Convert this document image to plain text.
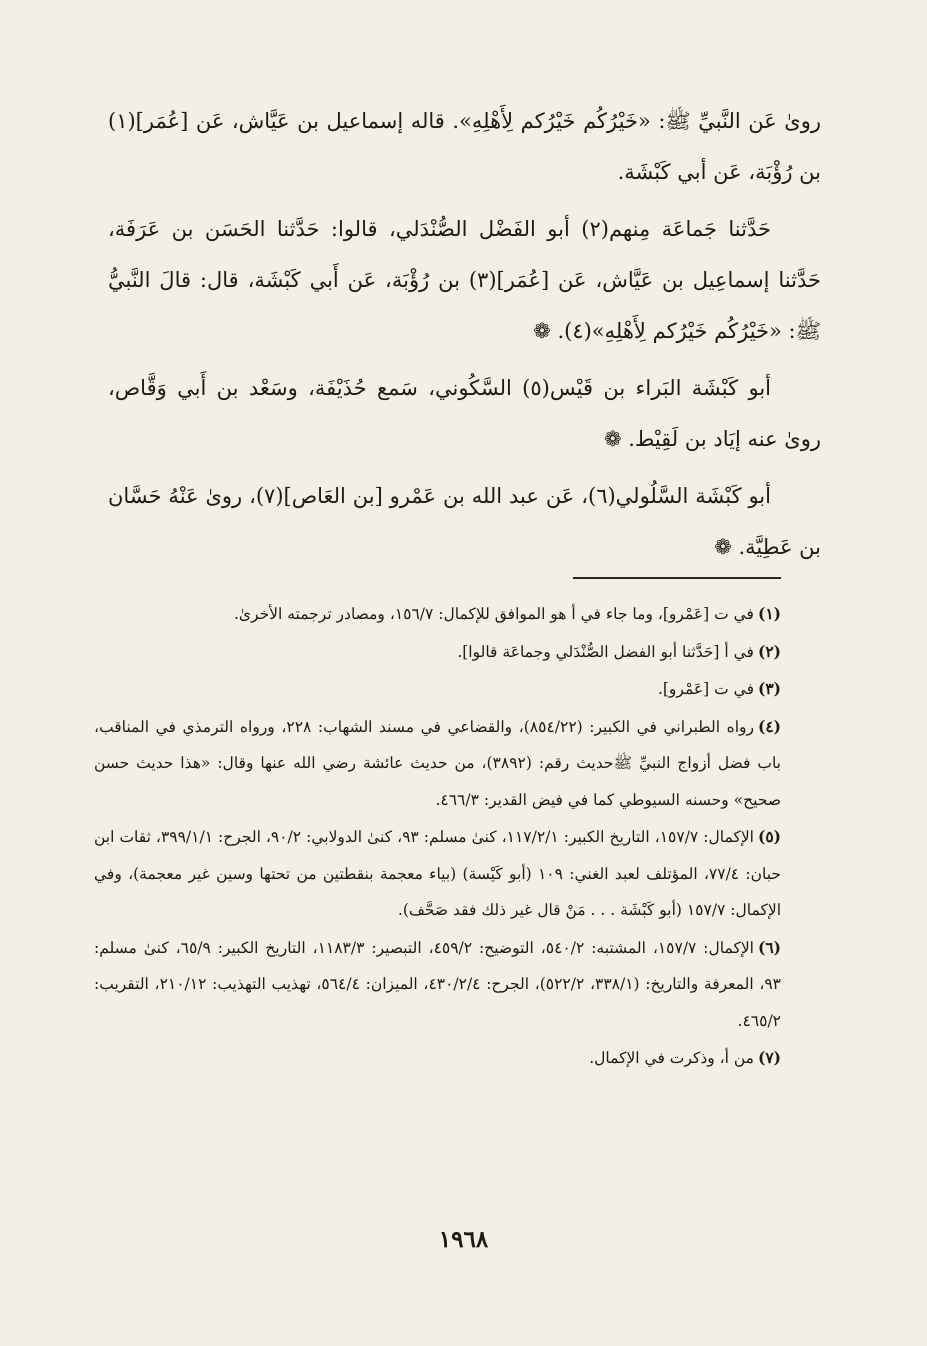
رویٰ عَن النَّبيِّ ﷺ: «خَيْرُكُم خَيْرُكم لِأَهْلِهِ». قاله إسماعيل بن عَيَّاش، عَن [عُمَر](١) بن رُؤْبَة، عَن أبي كَبْشَة.

حَدَّثنا جَماعَة مِنهم(٢) أبو الفَضْل الصُّنْدَلي، قالوا: حَدَّثنا الحَسَن بن عَرَفَة، حَدَّثنا إسماعِيل بن عَيَّاش، عَن [عُمَر](٣) بن رُؤْبَة، عَن أَبي كَبْشَة، قال: قالَ النَّبيُّ ﷺ: «خَيْرُكُم خَيْرُكم لِأَهْلِهِ»(٤). ❁

أبو كَبْشَة البَراء بن قَيْس(٥) السَّكُوني، سَمع حُذَيْفَة، وسَعْد بن أَبي وَقَّاص، روىٰ عنه إيَاد بن لَقِيْط. ❁

أبو كَبْشَة السَّلُولي(٦)، عَن عبد الله بن عَمْرو [بن العَاص](٧)، روىٰ عَنْهُ حَسَّان بن عَطِيَّة. ❁

(١)في ت [عَمْرو]، وما جاء في أ هو الموافق للإكمال: ١٥٦/٧، ومصادر ترجمته الأخرىٰ.

(٢)في أ [حَدَّثنا أبو الفضل الصُّنْدَلي وجماعَة قالوا].

(٣)في ت [عَمْرو].

(٤)رواه الطبراني في الكبير: (٨٥٤/٢٢)، والقضاعي في مسند الشهاب: ٢٢٨، ورواه الترمذي في المناقب، باب فضل أزواج النبيِّ ﷺحديث رقم: (٣٨٩٢)، من حديث عائشة رضي الله عنها وقال: «هذا حديث حسن صحيح» وحسنه السيوطي كما في فيض القدير: ٤٦٦/٣.

(٥)الإكمال: ١٥٧/٧، التاريخ الكبير: ١١٧/٢/١، كنىٰ مسلم: ٩٣، كنىٰ الدولابي: ٩٠/٢، الجرح: ٣٩٩/١/١، ثقات ابن حبان: ٧٧/٤، المؤتلف لعبد الغني: ١٠٩ (أبو كَيْسة) (بياء معجمة بنقطتين من تحتها وسين غير معجمة)، وفي الإكمال: ١٥٧/٧ (أبو كَبْشَة . . . مَنْ قال غير ذلك فقد صَحَّف).

(٦)الإكمال: ١٥٧/٧، المشتبه: ٥٤٠/٢، التوضيح: ٤٥٩/٢، التبصير: ١١٨٣/٣، التاريخ الكبير: ٦٥/٩، كنىٰ مسلم: ٩٣، المعرفة والتاريخ: (٣٣٨/١، ٥٢٢/٢)، الجرح: ٤٣٠/٢/٤، الميزان: ٥٦٤/٤، تهذيب التهذيب: ٢١٠/١٢، التقريب: ٤٦٥/٢.

(٧)من أ، وذكرت في الإكمال.

١٩٦٨
